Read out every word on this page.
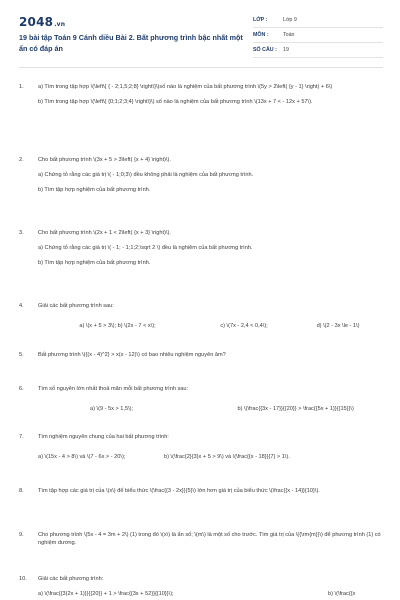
2048.vn
19 bài tập Toán 9 Cánh diều Bài 2. Bất phương trình bậc nhất một ẩn có đáp án
LỚP :	Lớp 9
MÔN :	Toán
SỐ CÂU :	19
1.	a) Tìm trong tập hợp \(\left\{ { - 2;1,5;2;8} \right\}\)số nào là nghiệm của bất phương trình \(5y > 2\left( {y - 1} \right) + 6\)
b) Tìm trong tập hợp \(\left\{ {0;1;2;3;4} \right\}\) số nào là nghiệm của bất phương trình \(13x + 7 < - 12x + 57\).
2.	Cho bất phương trình \(3x + 5 > 3\left( {x + 4} \right)\).
a) Chứng tỏ rằng các giá trị \( - 1;0;3\) đều không phải là nghiệm của bất phương trình.
b) Tìm tập hợp nghiệm của bất phương trình.
3.	Cho bất phương trình \(2x + 1 < 2\left( {x + 3} \right)\).
a) Chứng tỏ rằng các giá trị \( - 1; - 1;1;2;\sqrt 2 \) đều là nghiệm của bất phương trình.
b) Tìm tập hợp nghiệm của bất phương trình.
4.	Giải các bất phương trình sau:
a) \(x + 5 > 3\); b) \(2x - 7 < x\);	c) \(7x - 2,4 < 0,4\);	d) \(2 - 3x \le - 1\)
5.	Bất phương trình \({(x - 4)^2} > x(x - 12)\) có bao nhiêu nghiệm nguyên âm?
6.	Tìm số nguyên lớn nhất thoả mãn mỗi bất phương trình sau:
a) \(9 - 5x > 1,5\);	b) \(\frac{{3x - 17}}{{20}} > \frac{{5x + 1}}{{15}}\)
7.	Tìm nghiệm nguyên chung của hai bất phương trình:
a) \(15x - 4 > 8\) và \(7 - 6x > - 20\);	b) \(\frac{2}{3}x + 5 > 9\) và \(\frac{{x - 18}}{7} > 1\).
8.	Tìm tập hợp các giá trị của \(x\) để biểu thức \(\frac{{3 - 2x}}{5}\) lớn hơn giá trị của biểu thức \(\frac{{x - 14}}{10}\).
9.	Cho phương trình \(5x - 4 = 3m + 2\) (1) trong đó \(x\) là ẩn số; \(m\) là một số cho trước. Tìm giá trị của \({\rm{m}}\) để phương trình (1) có nghiệm dương.
10.	Giải các bất phương trình:
a) \(\frac{{3(2x + 1)}}{{20}} + 1 > \frac{{3x + 52}}{{10}}\);	b) \(\frac{{x
